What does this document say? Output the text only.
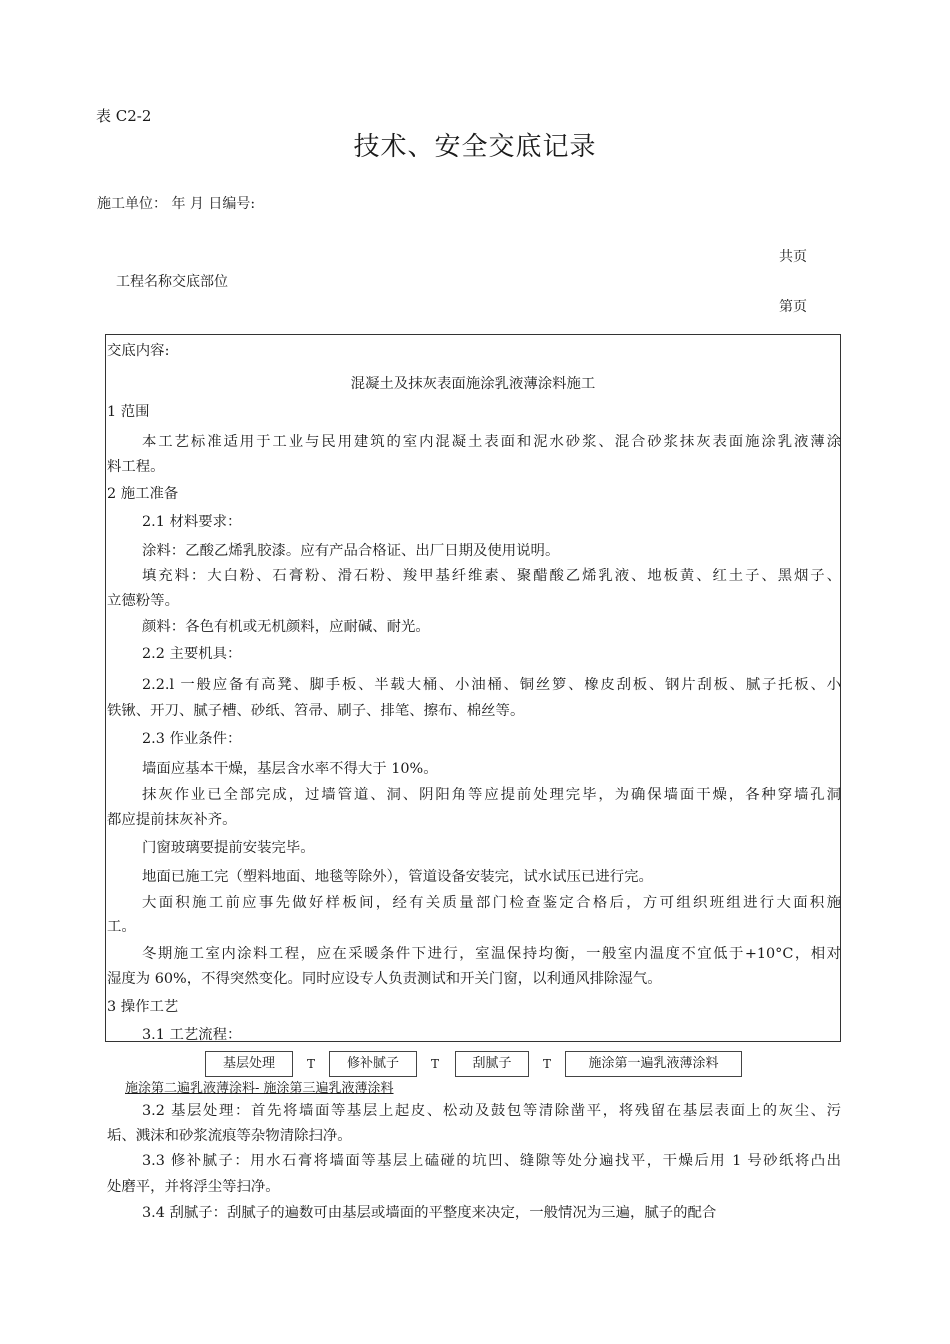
表 C2-2
技术、安全交底记录
施工单位： 年 月 日编号:
共页
工程名称交底部位
第页
交底内容:
混凝土及抹灰表面施涂乳液薄涂料施工
1 范围
本工艺标准适用于工业与民用建筑的室内混凝土表面和泥水砂浆、混合砂浆抹灰表面施涂乳液薄涂
料工程。
2 施工准备
2.1 材料要求：
涂料：乙酸乙烯乳胶漆。应有产品合格证、出厂日期及使用说明。
填充料：大白粉、石膏粉、滑石粉、羧甲基纤维素、聚醋酸乙烯乳液、地板黄、红土子、黑烟子、
立德粉等。
颜料：各色有机或无机颜料，应耐碱、耐光。
2.2 主要机具：
2.2.l 一般应备有高凳、脚手板、半载大桶、小油桶、铜丝箩、橡皮刮板、钢片刮板、腻子托板、小
铁锹、开刀、腻子槽、砂纸、笤帚、刷子、排笔、擦布、棉丝等。
2.3 作业条件：
墙面应基本干燥，基层含水率不得大于 10%。
抹灰作业已全部完成，过墙管道、洞、阴阳角等应提前处理完毕，为确保墙面干燥，各种穿墙孔洞
都应提前抹灰补齐。
门窗玻璃要提前安装完毕。
地面已施工完（塑料地面、地毯等除外），管道设备安装完，试水试压已进行完。
大面积施工前应事先做好样板间，经有关质量部门检查鉴定合格后，方可组织班组进行大面积施
工。
冬期施工室内涂料工程，应在采暖条件下进行，室温保持均衡，一般室内温度不宜低于+10°C，相对
湿度为 60%，不得突然变化。同时应设专人负责测试和开关门窗，以利通风排除湿气。
3 操作工艺
3.1 工艺流程：
基层处理	T	修补腻子	T	刮腻子	T	施涂第一遍乳液薄涂料
施涂第二遍乳液薄涂料- 施涂第三遍乳液薄涂料
3.2 基层处理：首先将墙面等基层上起皮、松动及鼓包等清除凿平，将残留在基层表面上的灰尘、污
垢、溅沫和砂浆流痕等杂物清除扫净。
3.3 修补腻子：用水石膏将墙面等基层上磕碰的坑凹、缝隙等处分遍找平，干燥后用 1 号砂纸将凸出
处磨平，并将浮尘等扫净。
3.4 刮腻子：刮腻子的遍数可由基层或墙面的平整度来决定，一般情况为三遍，腻子的配合
